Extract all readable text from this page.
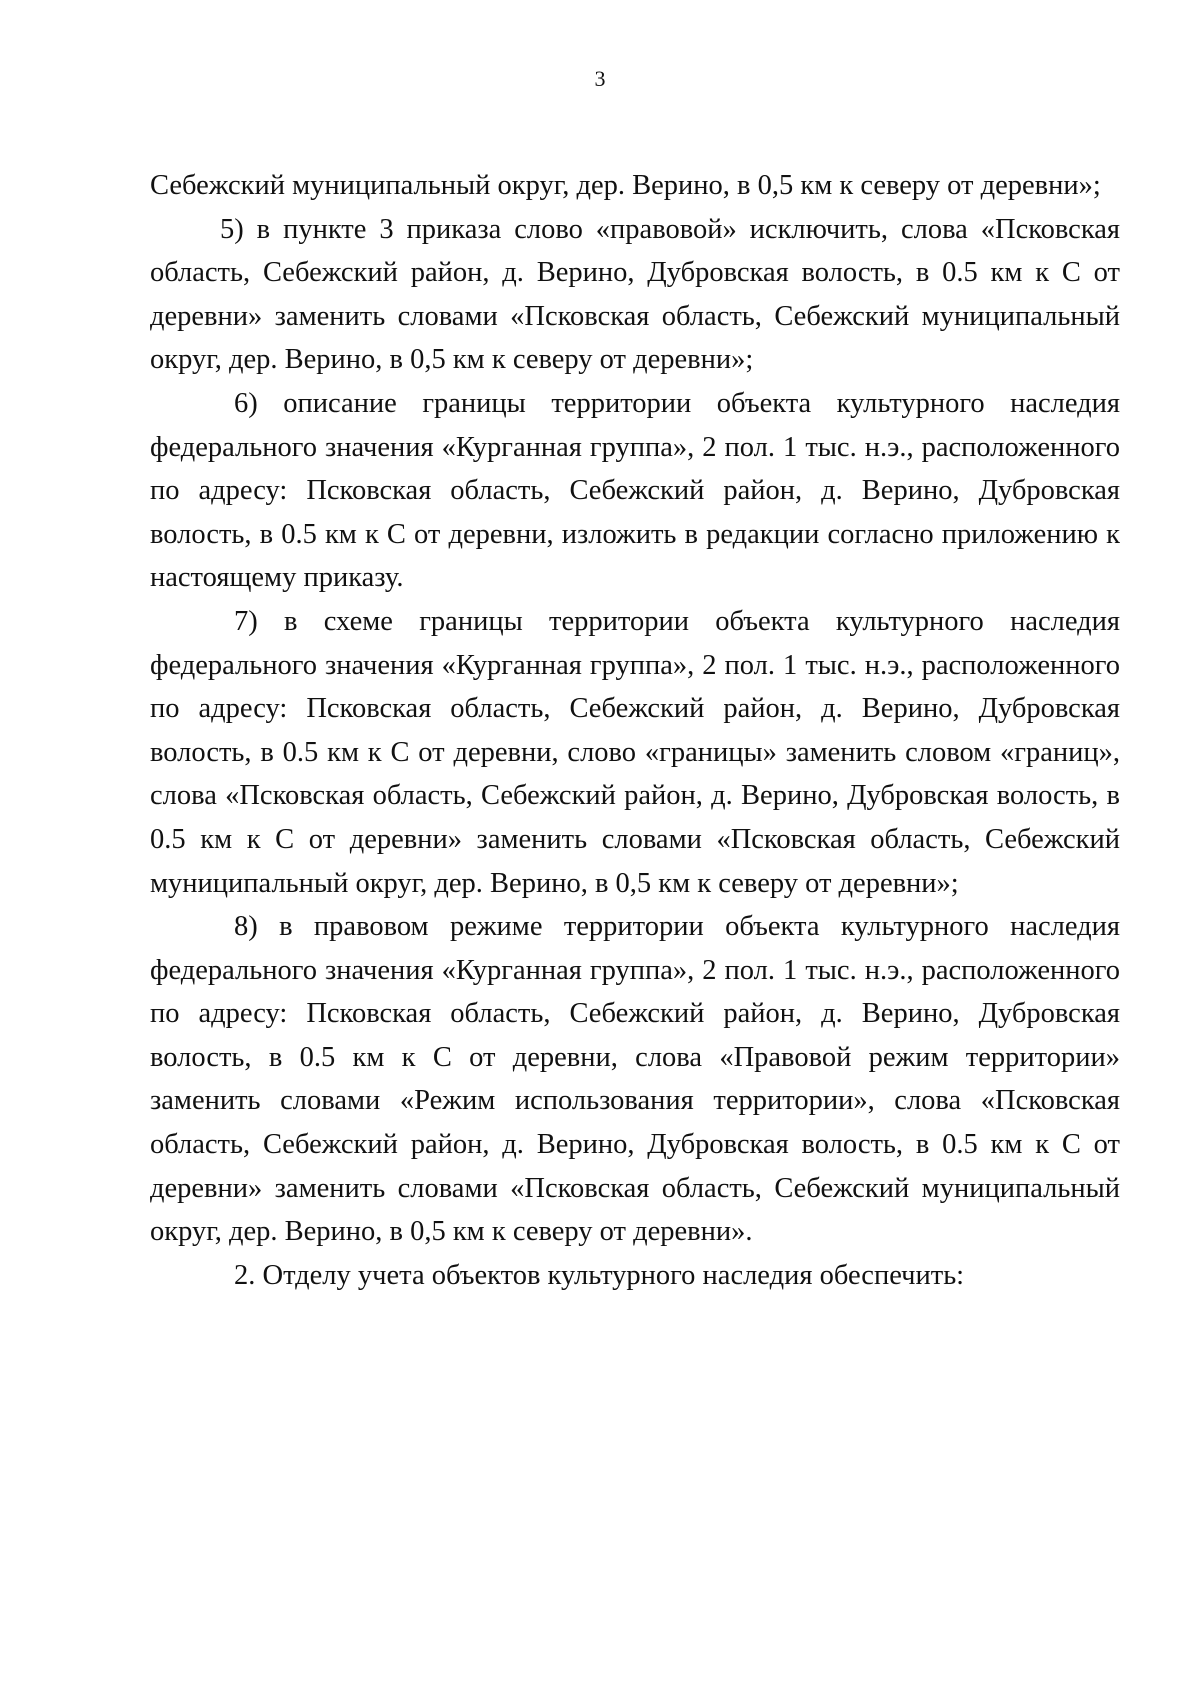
3

Себежский муниципальный округ, дер. Верино, в 0,5 км к северу от деревни»;

5) в пункте 3 приказа слово «правовой» исключить, слова «Псковская область, Себежский район, д. Верино, Дубровская волость, в 0.5 км к С от деревни» заменить словами «Псковская область, Себежский муниципальный округ, дер. Верино, в 0,5 км к северу от деревни»;

6) описание границы территории объекта культурного наследия федерального значения «Курганная группа», 2 пол. 1 тыс. н.э., расположенного по адресу: Псковская область, Себежский район, д. Верино, Дубровская волость, в 0.5 км к С от деревни, изложить в редакции согласно приложению к настоящему приказу.

7) в схеме границы территории объекта культурного наследия федерального значения «Курганная группа», 2 пол. 1 тыс. н.э., расположенного по адресу: Псковская область, Себежский район, д. Верино, Дубровская волость, в 0.5 км к С от деревни, слово «границы» заменить словом «границ», слова «Псковская область, Себежский район, д. Верино, Дубровская волость, в 0.5 км к С от деревни» заменить словами «Псковская область, Себежский муниципальный округ, дер. Верино, в 0,5 км к северу от деревни»;

8) в правовом режиме территории объекта культурного наследия федерального значения «Курганная группа», 2 пол. 1 тыс. н.э., расположенного по адресу: Псковская область, Себежский район, д. Верино, Дубровская волость, в 0.5 км к С от деревни, слова «Правовой режим территории» заменить словами «Режим использования территории», слова «Псковская область, Себежский район, д. Верино, Дубровская волость, в 0.5 км к С от деревни» заменить словами «Псковская область, Себежский муниципальный округ, дер. Верино, в 0,5 км к северу от деревни».

2. Отделу учета объектов культурного наследия обеспечить:
